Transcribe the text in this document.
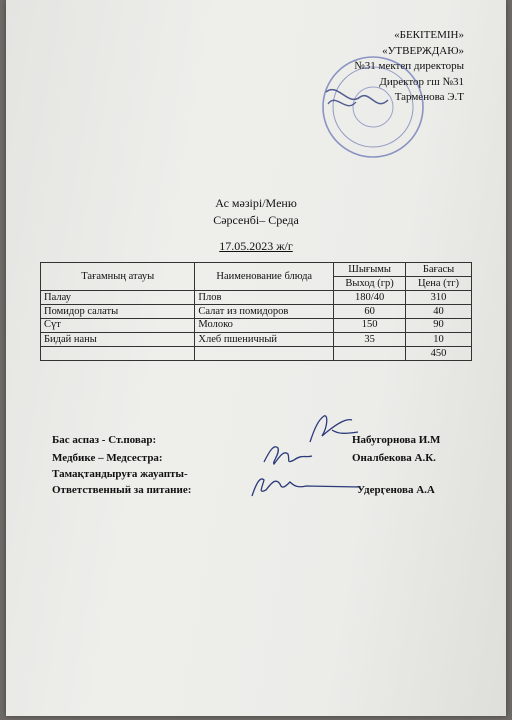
«БЕКІТЕМІН»
«УТВЕРЖДАЮ»
№31 мектеп директоры
Директор гш №31
Тарменова Э.Т
Ас мәзірі/Меню
Сәрсенбі– Среда
17.05.2023 ж/г
Тағамның атауы	Наименование блюда	Шығымы	Бағасы
		Выход (гр)	Цена (тг)
Палау	Плов	180/40	310
Помидор салаты	Салат из помидоров	60	40
Сүт	Молоко	150	90
Бидай наны	Хлеб пшеничный	35	10
			450
Бас аспаз - Ст.повар:
Медбике – Медсестра:
Тамақтандыруға жауапты-
Ответственный за питание:
Набугорнова И.М
Оналбекова А.К.
Удерӷенова А.А
